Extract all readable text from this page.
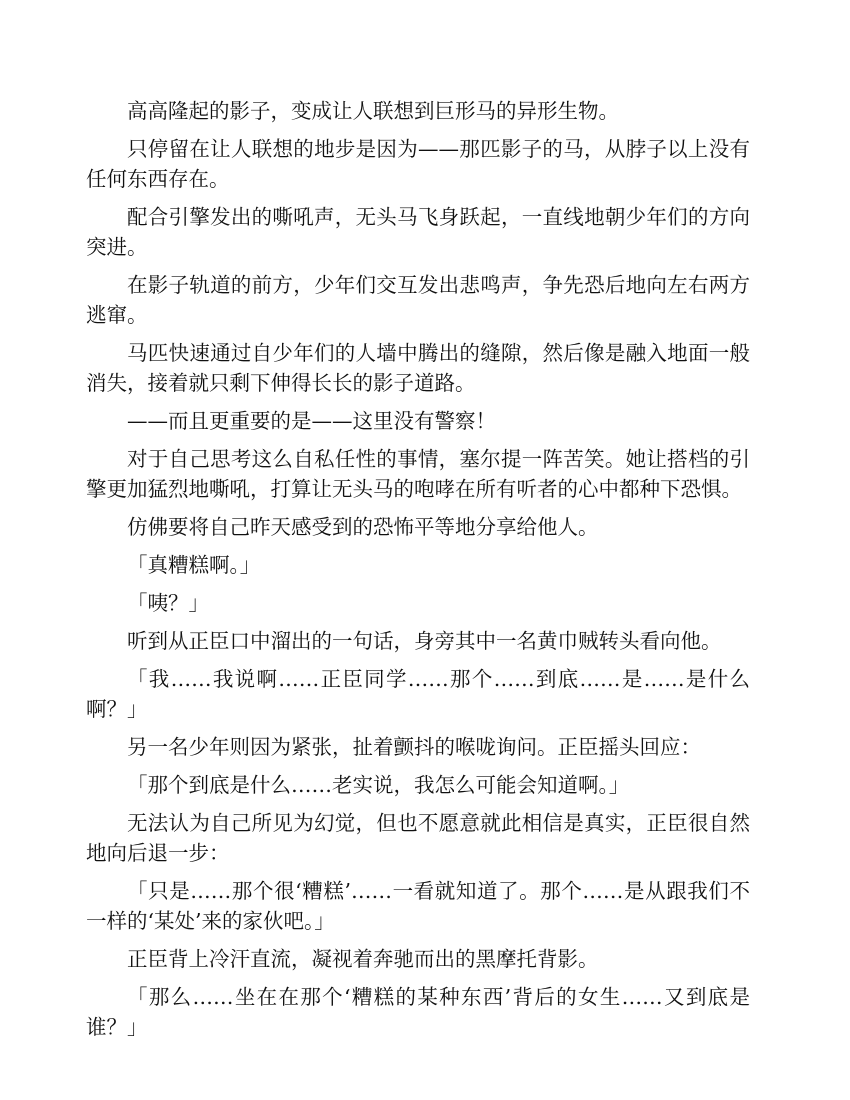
高高隆起的影子，变成让人联想到巨形马的异形生物。

只停留在让人联想的地步是因为——那匹影子的马，从脖子以上没有任何东西存在。

配合引擎发出的嘶吼声，无头马飞身跃起，一直线地朝少年们的方向突进。

在影子轨道的前方，少年们交互发出悲鸣声，争先恐后地向左右两方逃窜。

马匹快速通过自少年们的人墙中腾出的缝隙，然后像是融入地面一般消失，接着就只剩下伸得长长的影子道路。

——而且更重要的是——这里没有警察！

对于自己思考这么自私任性的事情，塞尔提一阵苦笑。她让搭档的引擎更加猛烈地嘶吼，打算让无头马的咆哮在所有听者的心中都种下恐惧。

仿佛要将自己昨天感受到的恐怖平等地分享给他人。

「真糟糕啊。」

「咦？」

听到从正臣口中溜出的一句话，身旁其中一名黄巾贼转头看向他。

「我……我说啊……正臣同学……那个……到底……是……是什么啊？」

另一名少年则因为紧张，扯着颤抖的喉咙询问。正臣摇头回应：

「那个到底是什么……老实说，我怎么可能会知道啊。」

无法认为自己所见为幻觉，但也不愿意就此相信是真实，正臣很自然地向后退一步：

「只是……那个很‘糟糕’……一看就知道了。那个……是从跟我们不一样的‘某处’来的家伙吧。」

正臣背上冷汗直流，凝视着奔驰而出的黑摩托背影。

「那么……坐在在那个‘糟糕的某种东西’背后的女生……又到底是谁？」
